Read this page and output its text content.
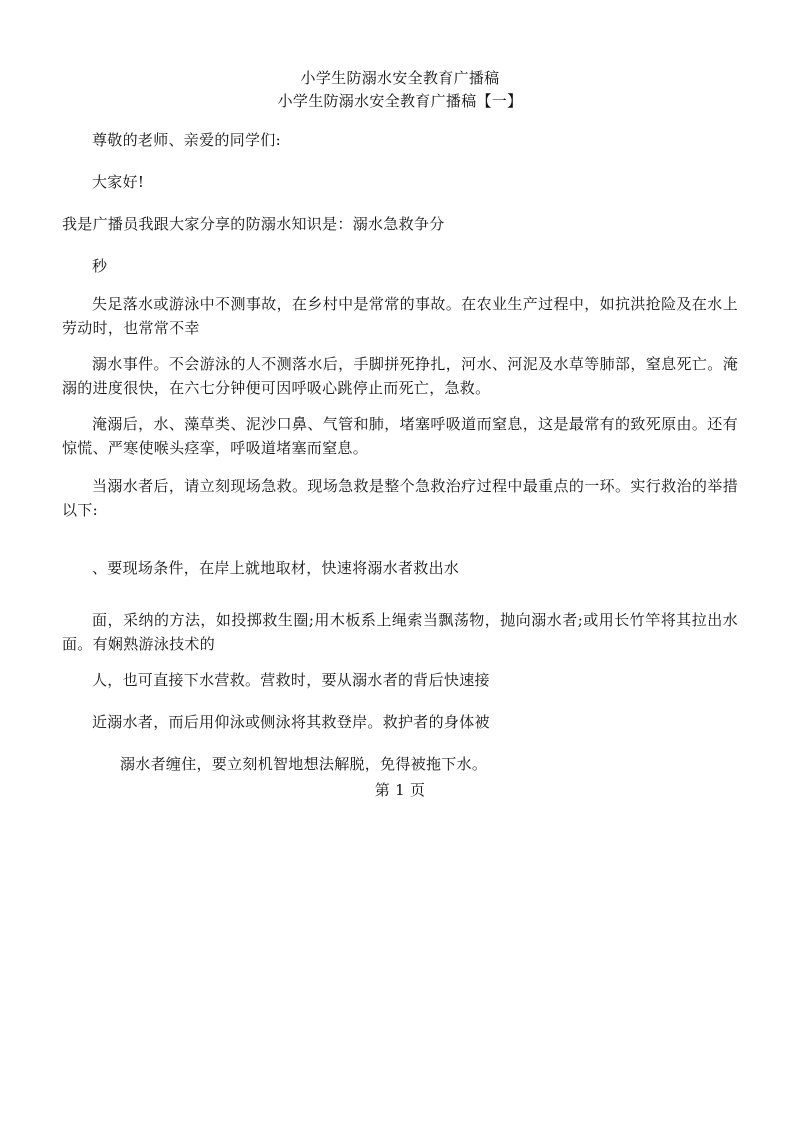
小学生防溺水安全教育广播稿
小学生防溺水安全教育广播稿【一】
尊敬的老师、亲爱的同学们:
大家好!
我是广播员我跟大家分享的防溺水知识是：溺水急救争分
秒
失足落水或游泳中不测事故，在乡村中是常常的事故。在农业生产过程中，如抗洪抢险及在水上劳动时，也常常不幸
溺水事件。不会游泳的人不测落水后，手脚拼死挣扎，河水、河泥及水草等肺部，窒息死亡。淹溺的进度很快，在六七分钟便可因呼吸心跳停止而死亡，急救。
淹溺后，水、藻草类、泥沙口鼻、气管和肺，堵塞呼吸道而窒息，这是最常有的致死原由。还有惊慌、严寒使喉头痉挛，呼吸道堵塞而窒息。
当溺水者后，请立刻现场急救。现场急救是整个急救治疗过程中最重点的一环。实行救治的举措以下:
、要现场条件，在岸上就地取材，快速将溺水者救出水
面，采纳的方法，如投掷救生圈;用木板系上绳索当飘荡物，抛向溺水者;或用长竹竿将其拉出水面。有娴熟游泳技术的
人，也可直接下水营救。营救时，要从溺水者的背后快速接
近溺水者，而后用仰泳或侧泳将其救登岸。救护者的身体被
溺水者缠住，要立刻机智地想法解脱，免得被拖下水。
第 1 页
